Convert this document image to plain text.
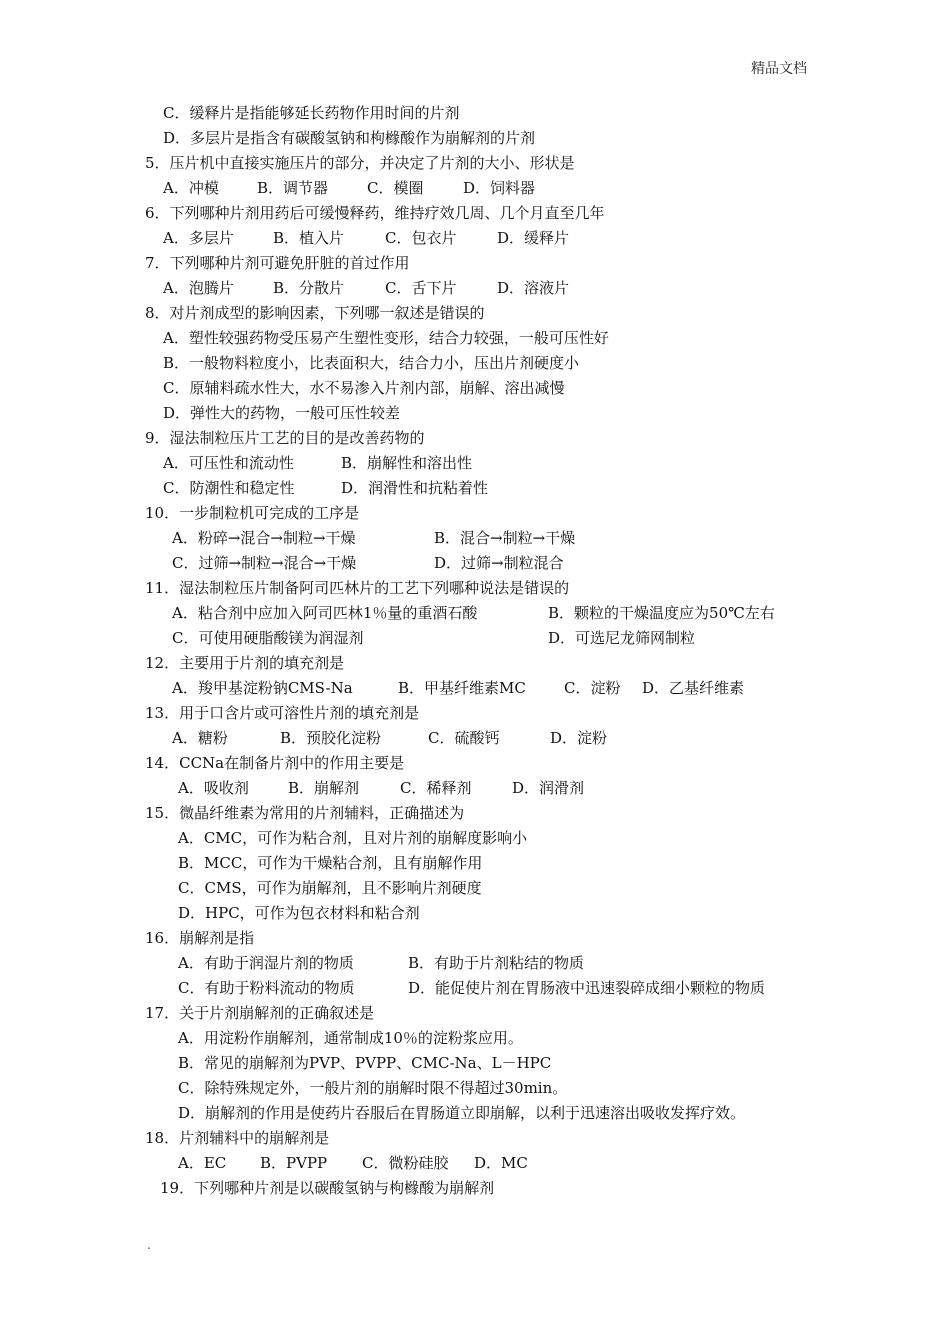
精品文档
C．缓释片是指能够延长药物作用时间的片剂
D．多层片是指含有碳酸氢钠和枸橼酸作为崩解剂的片剂
5．压片机中直接实施压片的部分，并决定了片剂的大小、形状是
A．冲模	B．调节器	C．模圈	D．饲料器
6．下列哪种片剂用药后可缓慢释药，维持疗效几周、几个月直至几年
A．多层片	B．植入片	C．包衣片	D．缓释片
7．下列哪种片剂可避免肝脏的首过作用
A．泡腾片	B．分散片	C．舌下片	D．溶液片
8．对片剂成型的影响因素，下列哪一叙述是错误的
A．塑性较强药物受压易产生塑性变形，结合力较强，一般可压性好
B．一般物料粒度小，比表面积大，结合力小，压出片剂硬度小
C．原辅料疏水性大，水不易渗入片剂内部，崩解、溶出减慢
D．弹性大的药物，一般可压性较差
9．湿法制粒压片工艺的目的是改善药物的
A．可压性和流动性	B．崩解性和溶出性
C．防潮性和稳定性	D．润滑性和抗粘着性
10．一步制粒机可完成的工序是
A．粉碎→混合→制粒→干燥	B．混合→制粒→干燥
C．过筛→制粒→混合→干燥	D．过筛→制粒混合
11．湿法制粒压片制备阿司匹林片的工艺下列哪种说法是错误的
A．粘合剂中应加入阿司匹林1％量的重酒石酸	B．颗粒的干燥温度应为50℃左右
C．可使用硬脂酸镁为润湿剂	D．可选尼龙筛网制粒
12．主要用于片剂的填充剂是
A．羧甲基淀粉钠CMS-Na	B．甲基纤维素MC	C．淀粉 D．乙基纤维素
13．用于口含片或可溶性片剂的填充剂是
A．糖粉	B．预胶化淀粉	C．硫酸钙	D．淀粉
14．CCNa在制备片剂中的作用主要是
A．吸收剂	B．崩解剂	C．稀释剂	D．润滑剂
15．微晶纤维素为常用的片剂辅料，正确描述为
A．CMC，可作为粘合剂，且对片剂的崩解度影响小
B．MCC，可作为干燥粘合剂，且有崩解作用
C．CMS，可作为崩解剂，且不影响片剂硬度
D．HPC，可作为包衣材料和粘合剂
16．崩解剂是指
A．有助于润湿片剂的物质	B．有助于片剂粘结的物质
C．有助于粉料流动的物质	D．能促使片剂在胃肠液中迅速裂碎成细小颗粒的物质
17．关于片剂崩解剂的正确叙述是
A．用淀粉作崩解剂，通常制成10％的淀粉浆应用。
B．常见的崩解剂为PVP、PVPP、CMC-Na、L－HPC
C．除特殊规定外，一般片剂的崩解时限不得超过30min。
D．崩解剂的作用是使药片吞服后在胃肠道立即崩解，以利于迅速溶出吸收发挥疗效。
18．片剂辅料中的崩解剂是
A．EC B．PVPP C．微粉硅胶 D．MC
19．下列哪种片剂是以碳酸氢钠与枸橼酸为崩解剂
.
